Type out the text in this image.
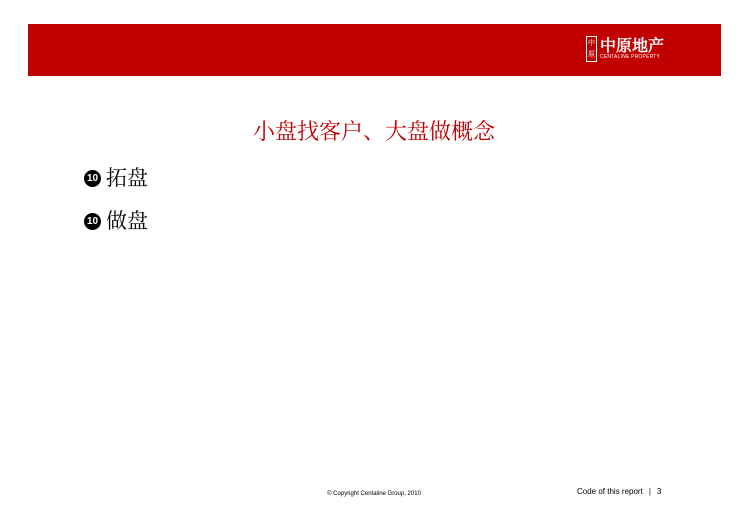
中
原 中原地产
CENTALINE PROPERTY
小盘找客户、大盘做概念
10 拓盘
10 做盘
© Copyright Centaline Group, 2010	Code of this report | 3
